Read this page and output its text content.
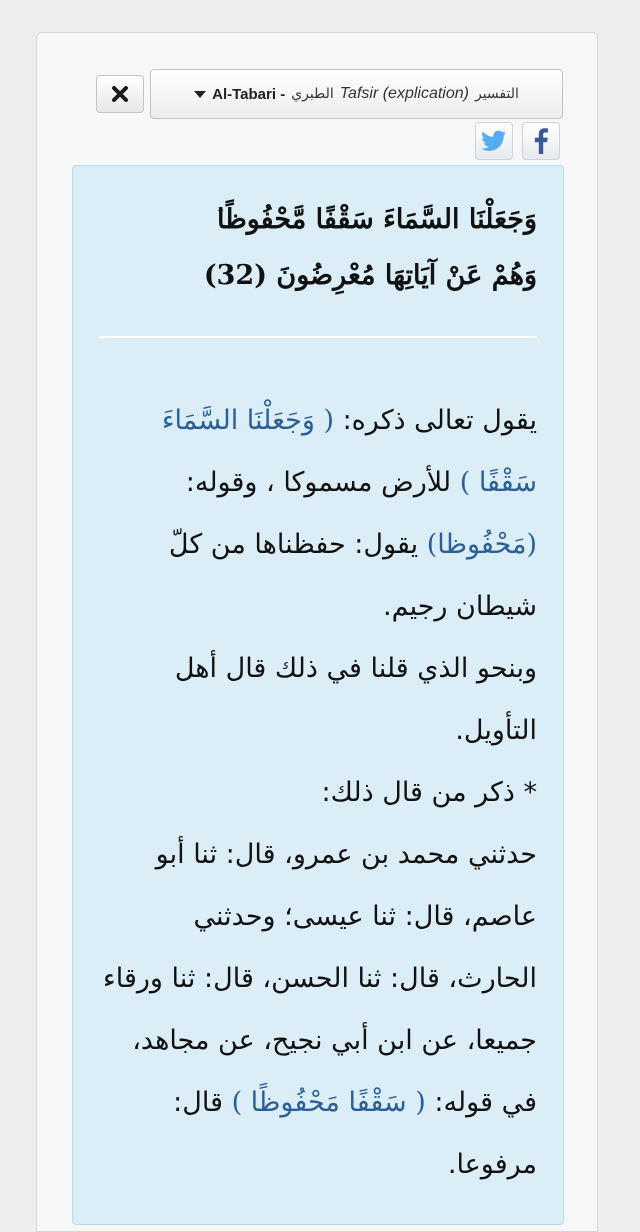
Al-Tabari - الطبري Tafsir (explication) التفسير

وَجَعَلْنَا السَّمَاءَ سَقْفًا مَّحْفُوظًا
وَهُمْ عَنْ آيَاتِهَا مُعْرِضُونَ (32)

يقول تعالى ذكره: ( وَجَعَلْنَا السَّمَاءَ سَقْفًا ) للأرض مسموكا ، وقوله: (مَحْفُوظا) يقول: حفظناها من كلّ شيطان رجيم.
وبنحو الذي قلنا في ذلك قال أهل التأويل.
* ذكر من قال ذلك:
حدثني محمد بن عمرو، قال: ثنا أبو عاصم، قال: ثنا عيسى؛ وحدثني الحارث، قال: ثنا الحسن، قال: ثنا ورقاء جميعا، عن ابن أبي نجيح، عن مجاهد، في قوله: ( سَقْفًا مَحْفُوظًا ) قال: مرفوعا.
